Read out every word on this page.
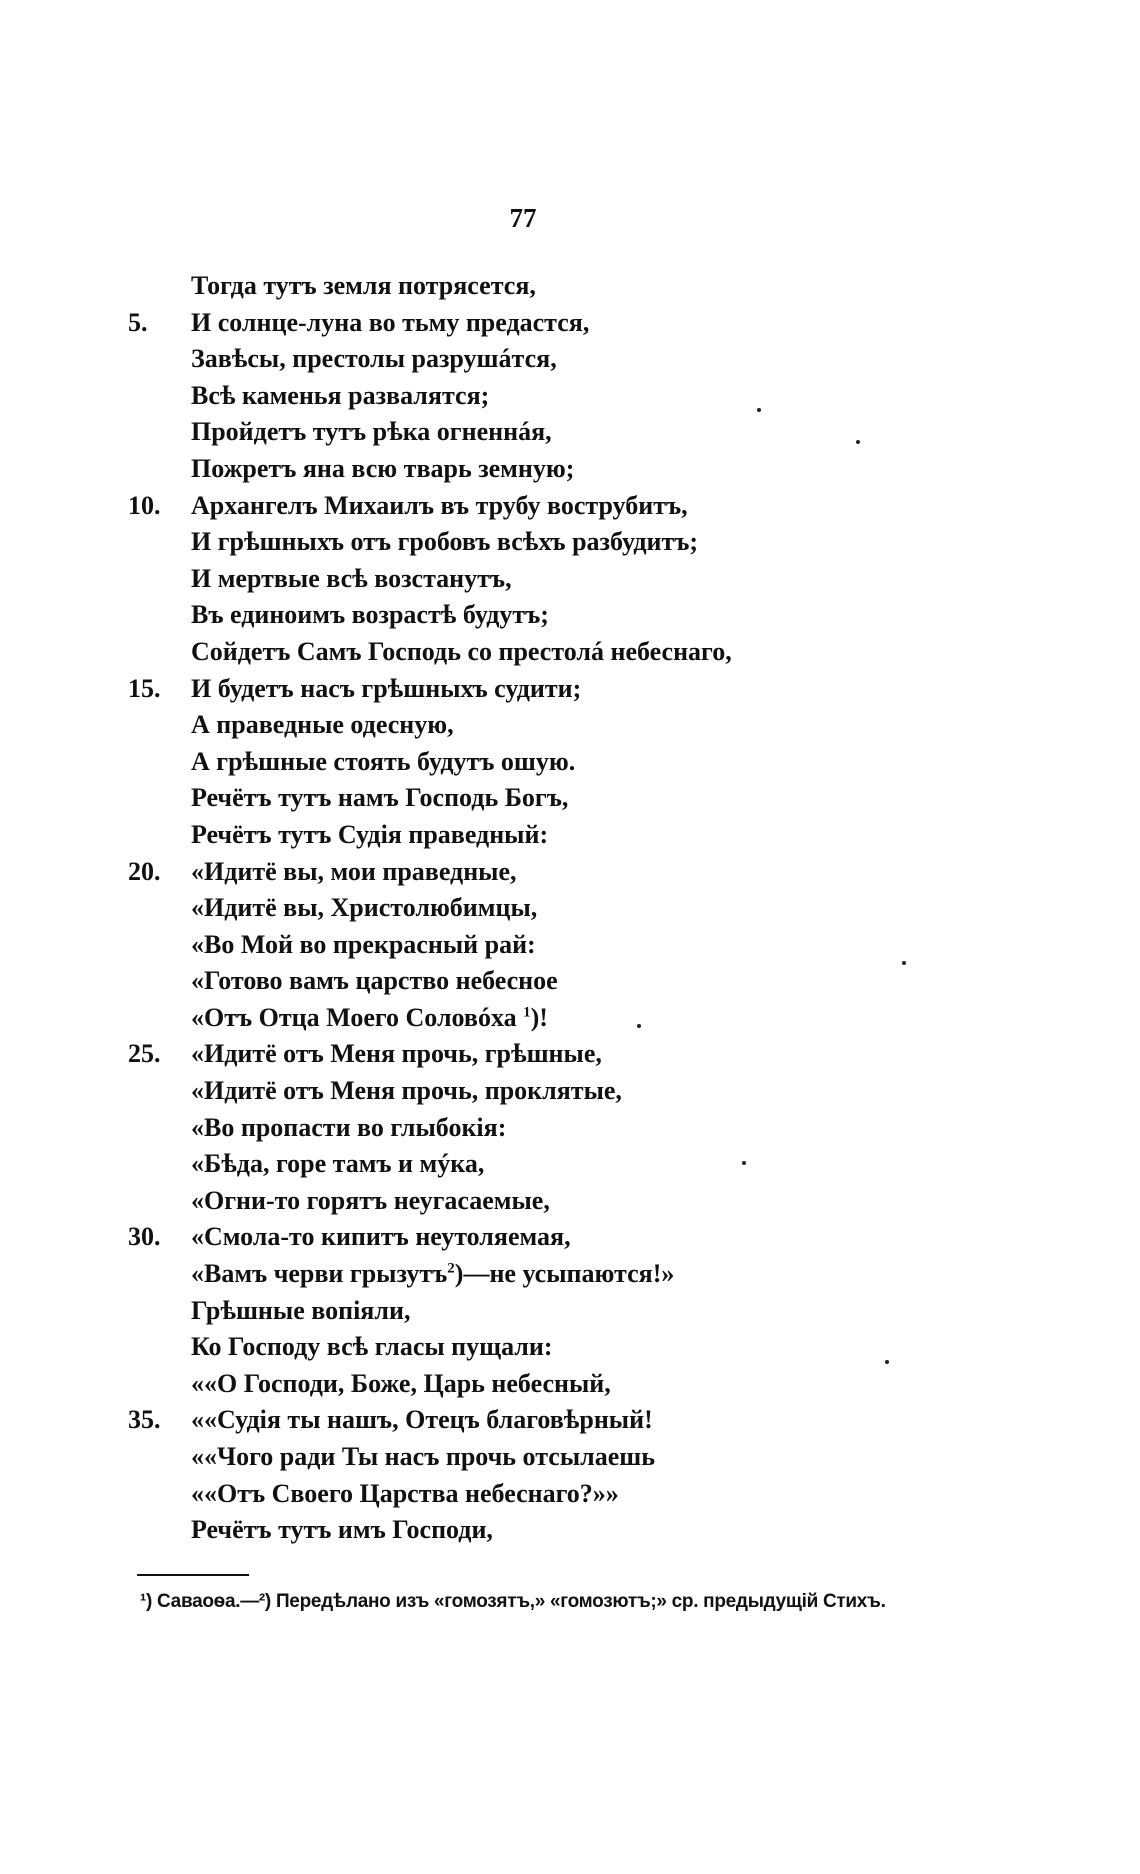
77
Тогда тутъ земля потрясется,
5.	И солнце-луна во тьму предастся,
Завѣсы, престолы разрушáтся,
Всѣ каменья развалятся;
Пройдетъ тутъ рѣка огненнáя,
Пожретъ яна всю тварь земную;
10.	Архангелъ Михаилъ въ трубу вострубитъ,
И грѣшныхъ отъ гробовъ всѣхъ разбудитъ;
И мертвые всѣ возстанутъ,
Въ единоимъ возрастѣ будутъ;
Сойдетъ Самъ Господь со престолá небеснаго,
15.	И будетъ насъ грѣшныхъ судити;
А праведные одесную,
А грѣшные стоять будутъ ошую.
Речётъ тутъ намъ Господь Богъ,
Речётъ тутъ Судія праведный:
20.	«Идитё вы, мои праведные,
«Идитё вы, Христолюбимцы,
«Во Мой во прекрасный рай:
«Готово вамъ царство небесное
«Отъ Отца Моего Соловóха $^1$)!
25.	«Идитё отъ Меня прочь, грѣшные,
«Идитё отъ Меня прочь, проклятые,
«Во пропасти во глыбокія:
«Бѣда, горе тамъ и мýка,
«Огни-то горятъ неугасаемые,
30.	«Смола-то кипитъ неутоляемая,
«Вамъ черви грызутъ$^2$)—не усыпаются!»
Грѣшные вопіяли,
Ко Господу всѣ гласы пущали:
««О Господи, Боже, Царь небесный,
35.	««Судія ты нашъ, Отецъ благовѣрный!
««Чого ради Ты насъ прочь отсылаешь
««Отъ Своего Царства небеснаго?»»
Речётъ тутъ имъ Господи,
¹) Саваоѳа.—²) Передѣлано изъ «гомозятъ,» «гомозютъ;» ср. предыдущій Стихъ.
